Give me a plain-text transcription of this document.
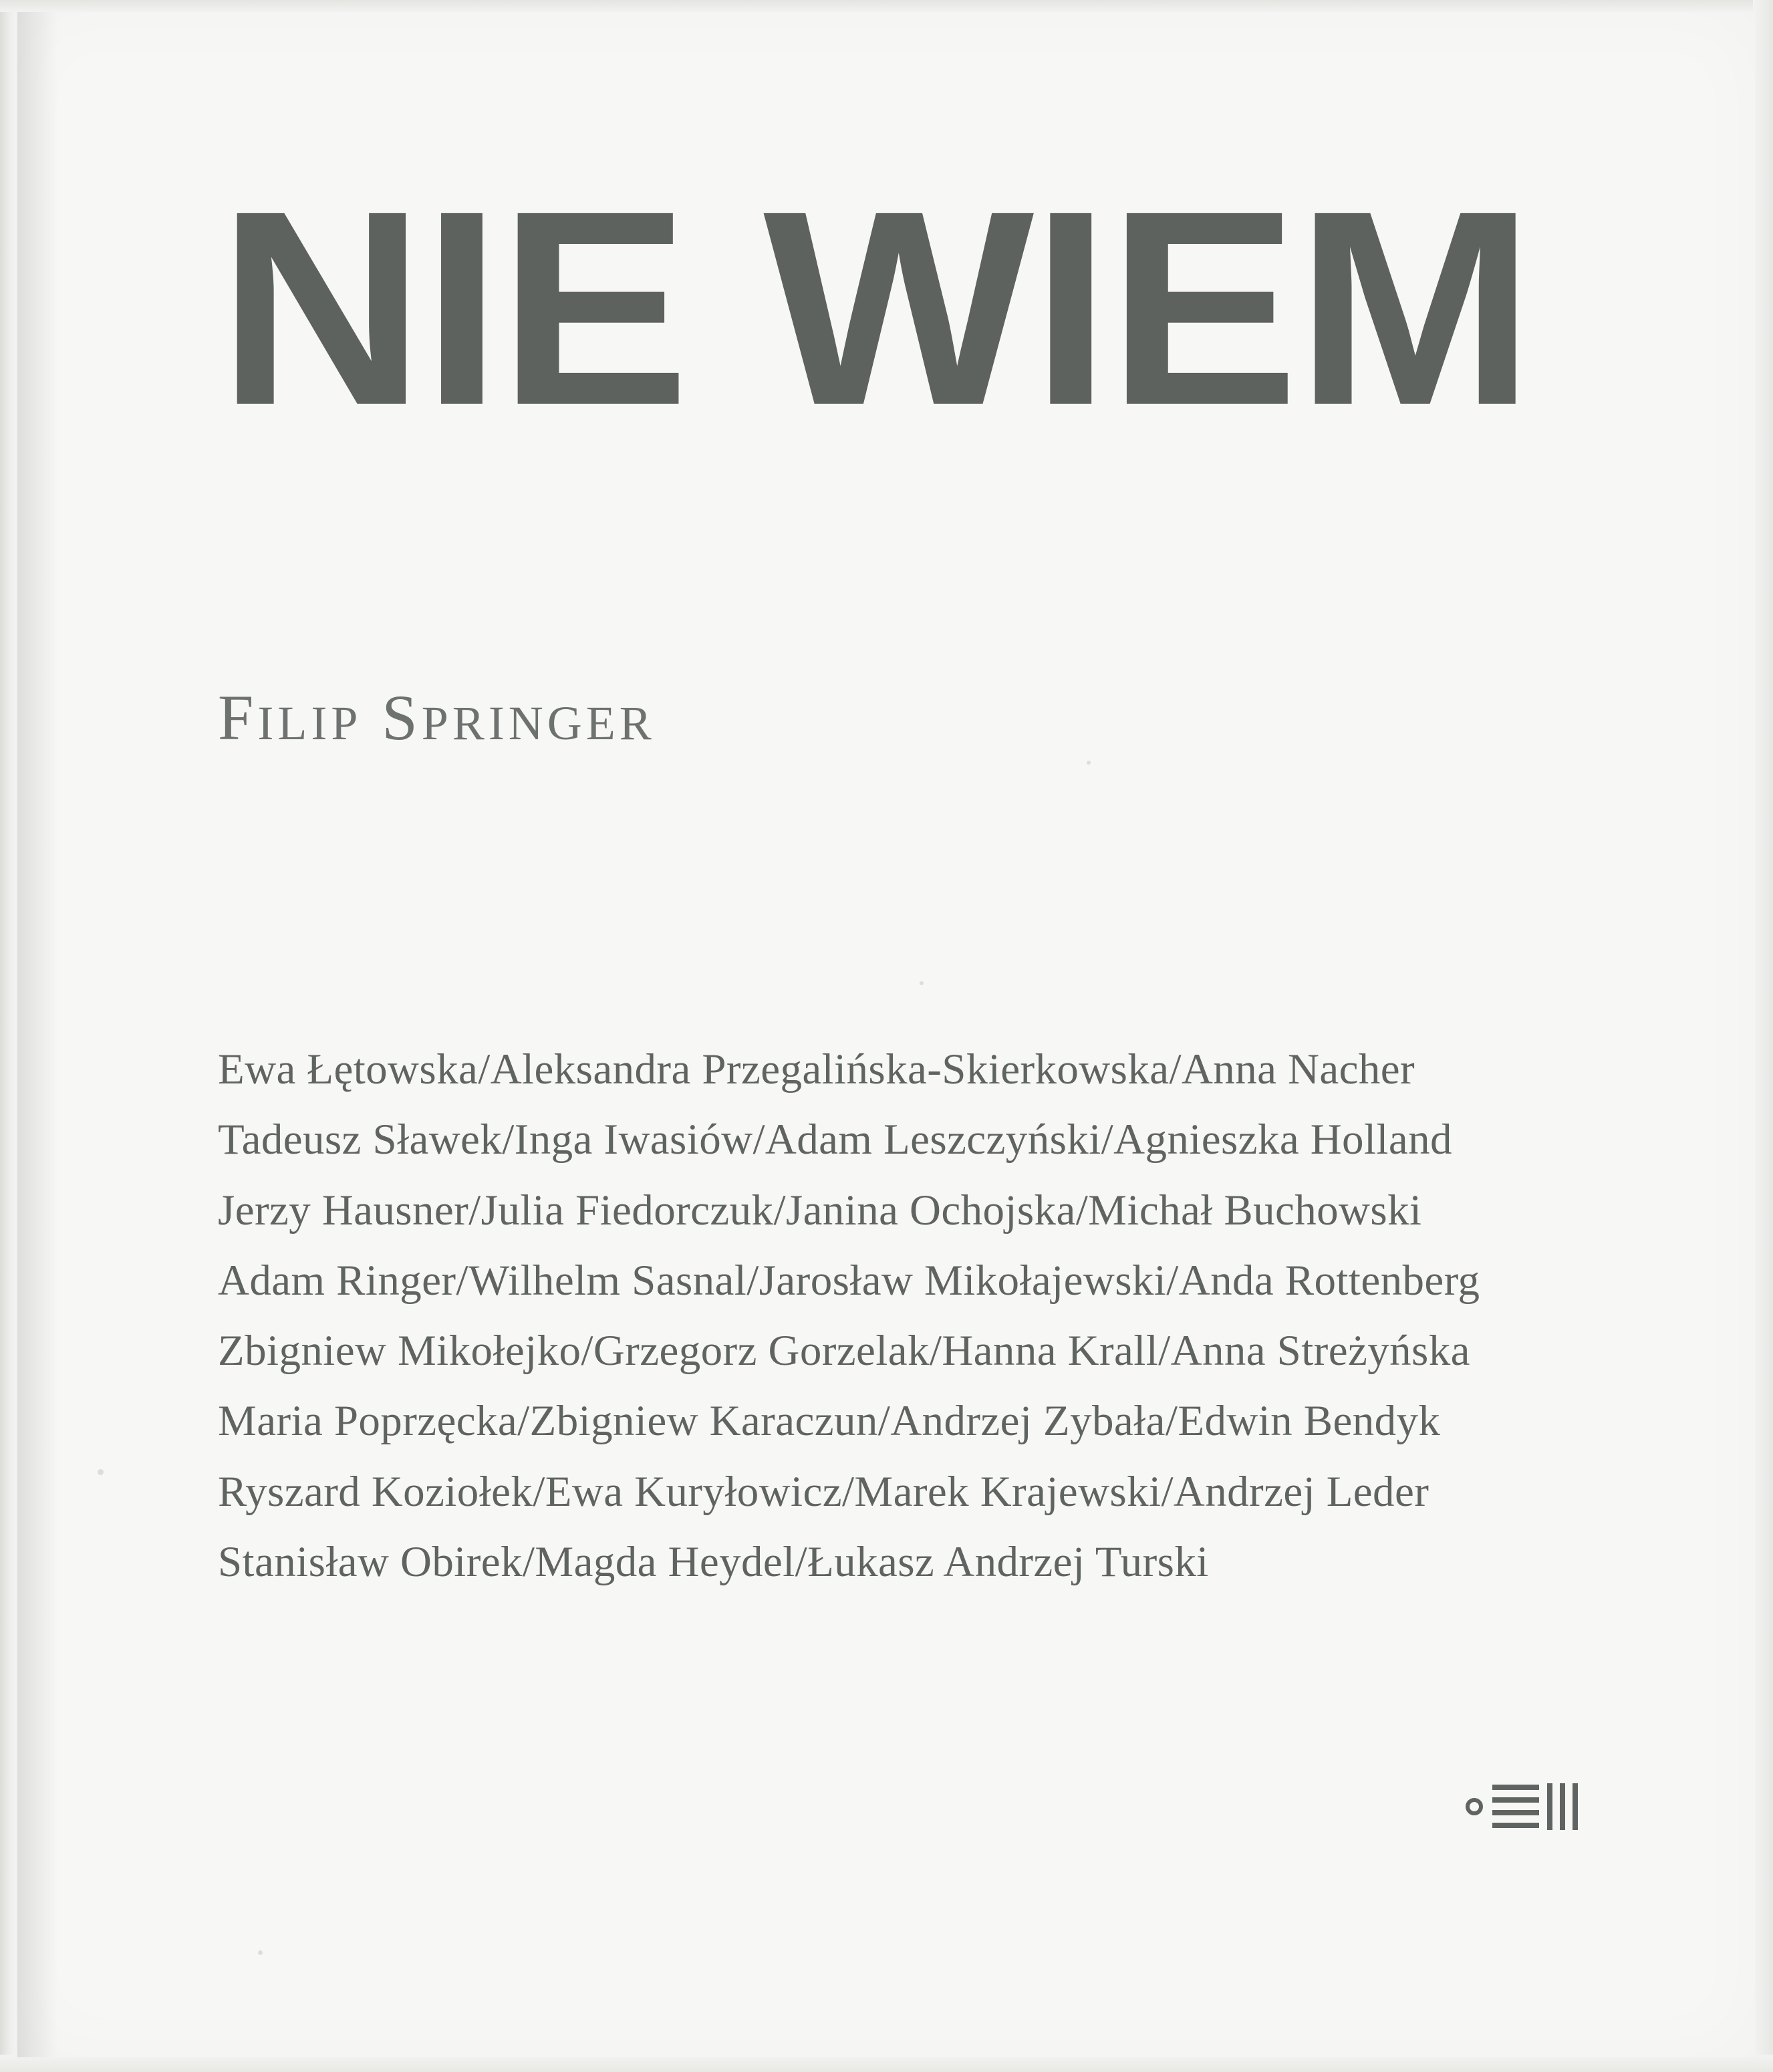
NIE WIEM
FILIP SPRINGER
Ewa Łętowska/Aleksandra Przegalińska-Skierkowska/Anna Nacher
Tadeusz Sławek/Inga Iwasiów/Adam Leszczyński/Agnieszka Holland
Jerzy Hausner/Julia Fiedorczuk/Janina Ochojska/Michał Buchowski
Adam Ringer/Wilhelm Sasnal/Jarosław Mikołajewski/Anda Rottenberg
Zbigniew Mikołejko/Grzegorz Gorzelak/Hanna Krall/Anna Streżyńska
Maria Poprzęcka/Zbigniew Karaczun/Andrzej Zybała/Edwin Bendyk
Ryszard Koziołek/Ewa Kuryłowicz/Marek Krajewski/Andrzej Leder
Stanisław Obirek/Magda Heydel/Łukasz Andrzej Turski
